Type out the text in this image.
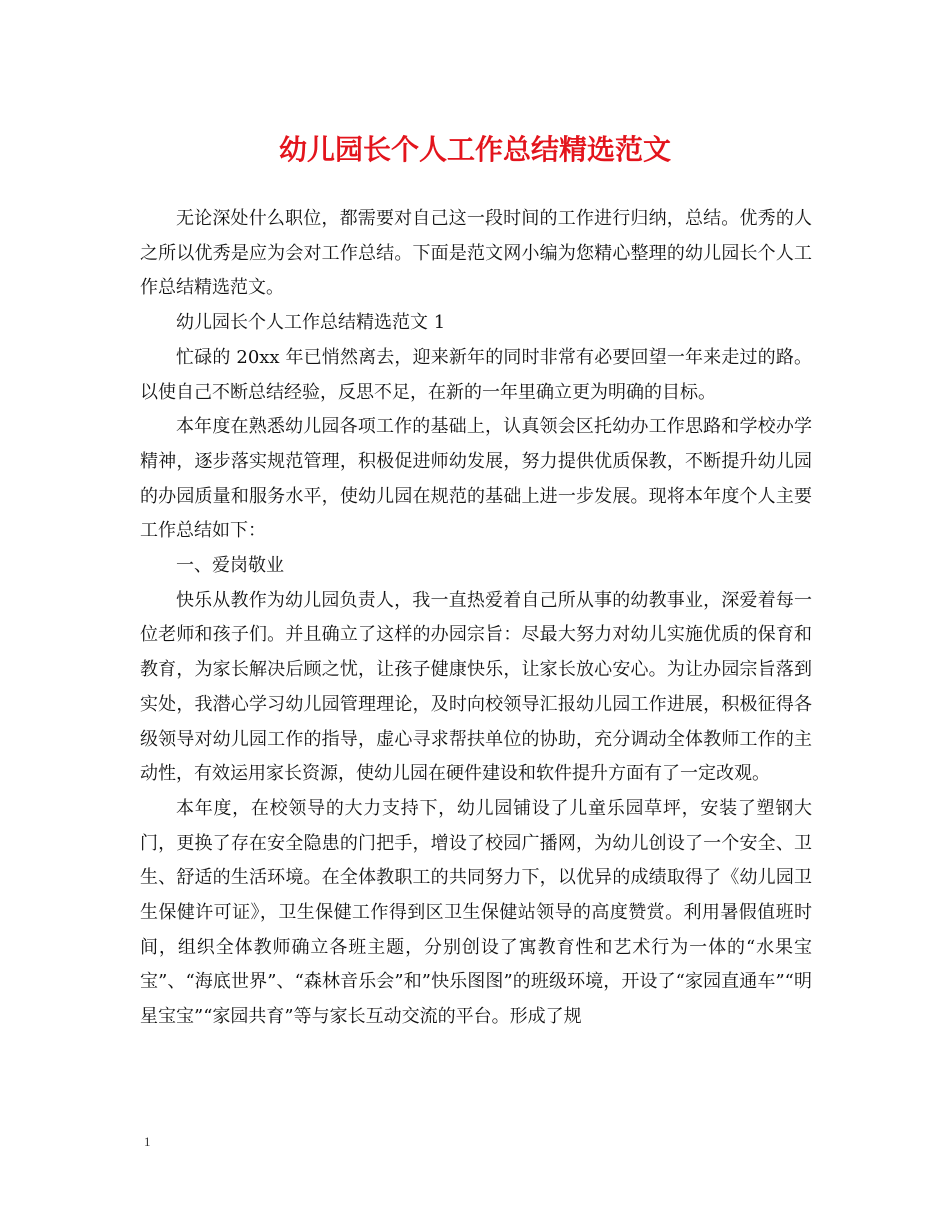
幼儿园长个人工作总结精选范文

无论深处什么职位，都需要对自己这一段时间的工作进行归纳，总结。优秀的人之所以优秀是应为会对工作总结。下面是范文网小编为您精心整理的幼儿园长个人工作总结精选范文。

幼儿园长个人工作总结精选范文 1

忙碌的 20xx 年已悄然离去，迎来新年的同时非常有必要回望一年来走过的路。以使自己不断总结经验，反思不足，在新的一年里确立更为明确的目标。

本年度在熟悉幼儿园各项工作的基础上，认真领会区托幼办工作思路和学校办学精神，逐步落实规范管理，积极促进师幼发展，努力提供优质保教，不断提升幼儿园的办园质量和服务水平，使幼儿园在规范的基础上进一步发展。现将本年度个人主要工作总结如下：

一、爱岗敬业

快乐从教作为幼儿园负责人，我一直热爱着自己所从事的幼教事业，深爱着每一位老师和孩子们。并且确立了这样的办园宗旨：尽最大努力对幼儿实施优质的保育和教育，为家长解决后顾之忧，让孩子健康快乐，让家长放心安心。为让办园宗旨落到实处，我潜心学习幼儿园管理理论，及时向校领导汇报幼儿园工作进展，积极征得各级领导对幼儿园工作的指导，虚心寻求帮扶单位的协助，充分调动全体教师工作的主动性，有效运用家长资源，使幼儿园在硬件建设和软件提升方面有了一定改观。

本年度，在校领导的大力支持下，幼儿园铺设了儿童乐园草坪，安装了塑钢大门，更换了存在安全隐患的门把手，增设了校园广播网，为幼儿创设了一个安全、卫生、舒适的生活环境。在全体教职工的共同努力下，以优异的成绩取得了《幼儿园卫生保健许可证》，卫生保健工作得到区卫生保健站领导的高度赞赏。利用暑假值班时间，组织全体教师确立各班主题，分别创设了寓教育性和艺术行为一体的“水果宝宝”、“海底世界”、“森林音乐会”和”快乐图图”的班级环境，开设了“家园直通车”“明星宝宝”“家园共育”等与家长互动交流的平台。形成了规

1
